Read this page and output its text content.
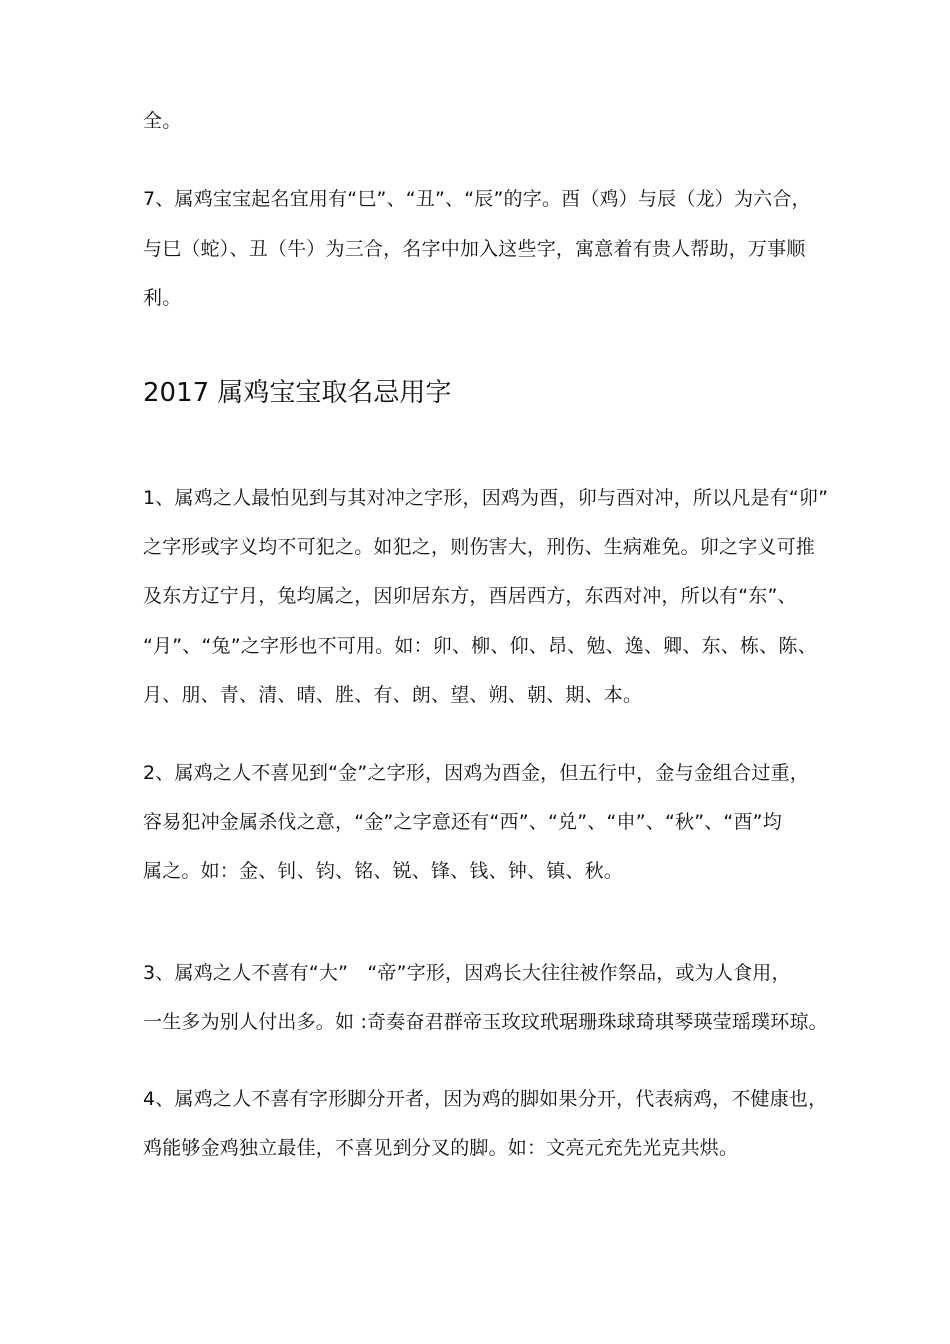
全。
7、属鸡宝宝起名宜用有“巳”、“丑”、“辰”的字。酉（鸡）与辰（龙）为六合，
与巳（蛇）、丑（牛）为三合，名字中加入这些字，寓意着有贵人帮助，万事顺
利。
2017 属鸡宝宝取名忌用字
1、属鸡之人最怕见到与其对冲之字形，因鸡为酉，卯与酉对冲，所以凡是有“卯”
之字形或字义均不可犯之。如犯之，则伤害大，刑伤、生病难免。卯之字义可推
及东方辽宁月，兔均属之，因卯居东方，酉居西方，东西对冲，所以有“东”、
“月”、“兔”之字形也不可用。如：卯、柳、仰、昂、勉、逸、卿、东、栋、陈、
月、朋、青、清、晴、胜、有、朗、望、朔、朝、期、本。
2、属鸡之人不喜见到“金”之字形，因鸡为酉金，但五行中，金与金组合过重，
容易犯冲金属杀伐之意，“金”之字意还有“西”、“兑”、“申”、“秋”、“酉”均
属之。如：金、钊、钧、铭、锐、锋、钱、钟、镇、秋。
3、属鸡之人不喜有“大”　“帝”字形，因鸡长大往往被作祭品，或为人食用，
一生多为别人付出多。如 :奇奏奋君群帝玉玫玟玳琚珊珠球琦琪琴瑛莹瑶璞环琼。
4、属鸡之人不喜有字形脚分开者，因为鸡的脚如果分开，代表病鸡，不健康也，
鸡能够金鸡独立最佳，不喜见到分叉的脚。如：文亮元充先光克共烘。
